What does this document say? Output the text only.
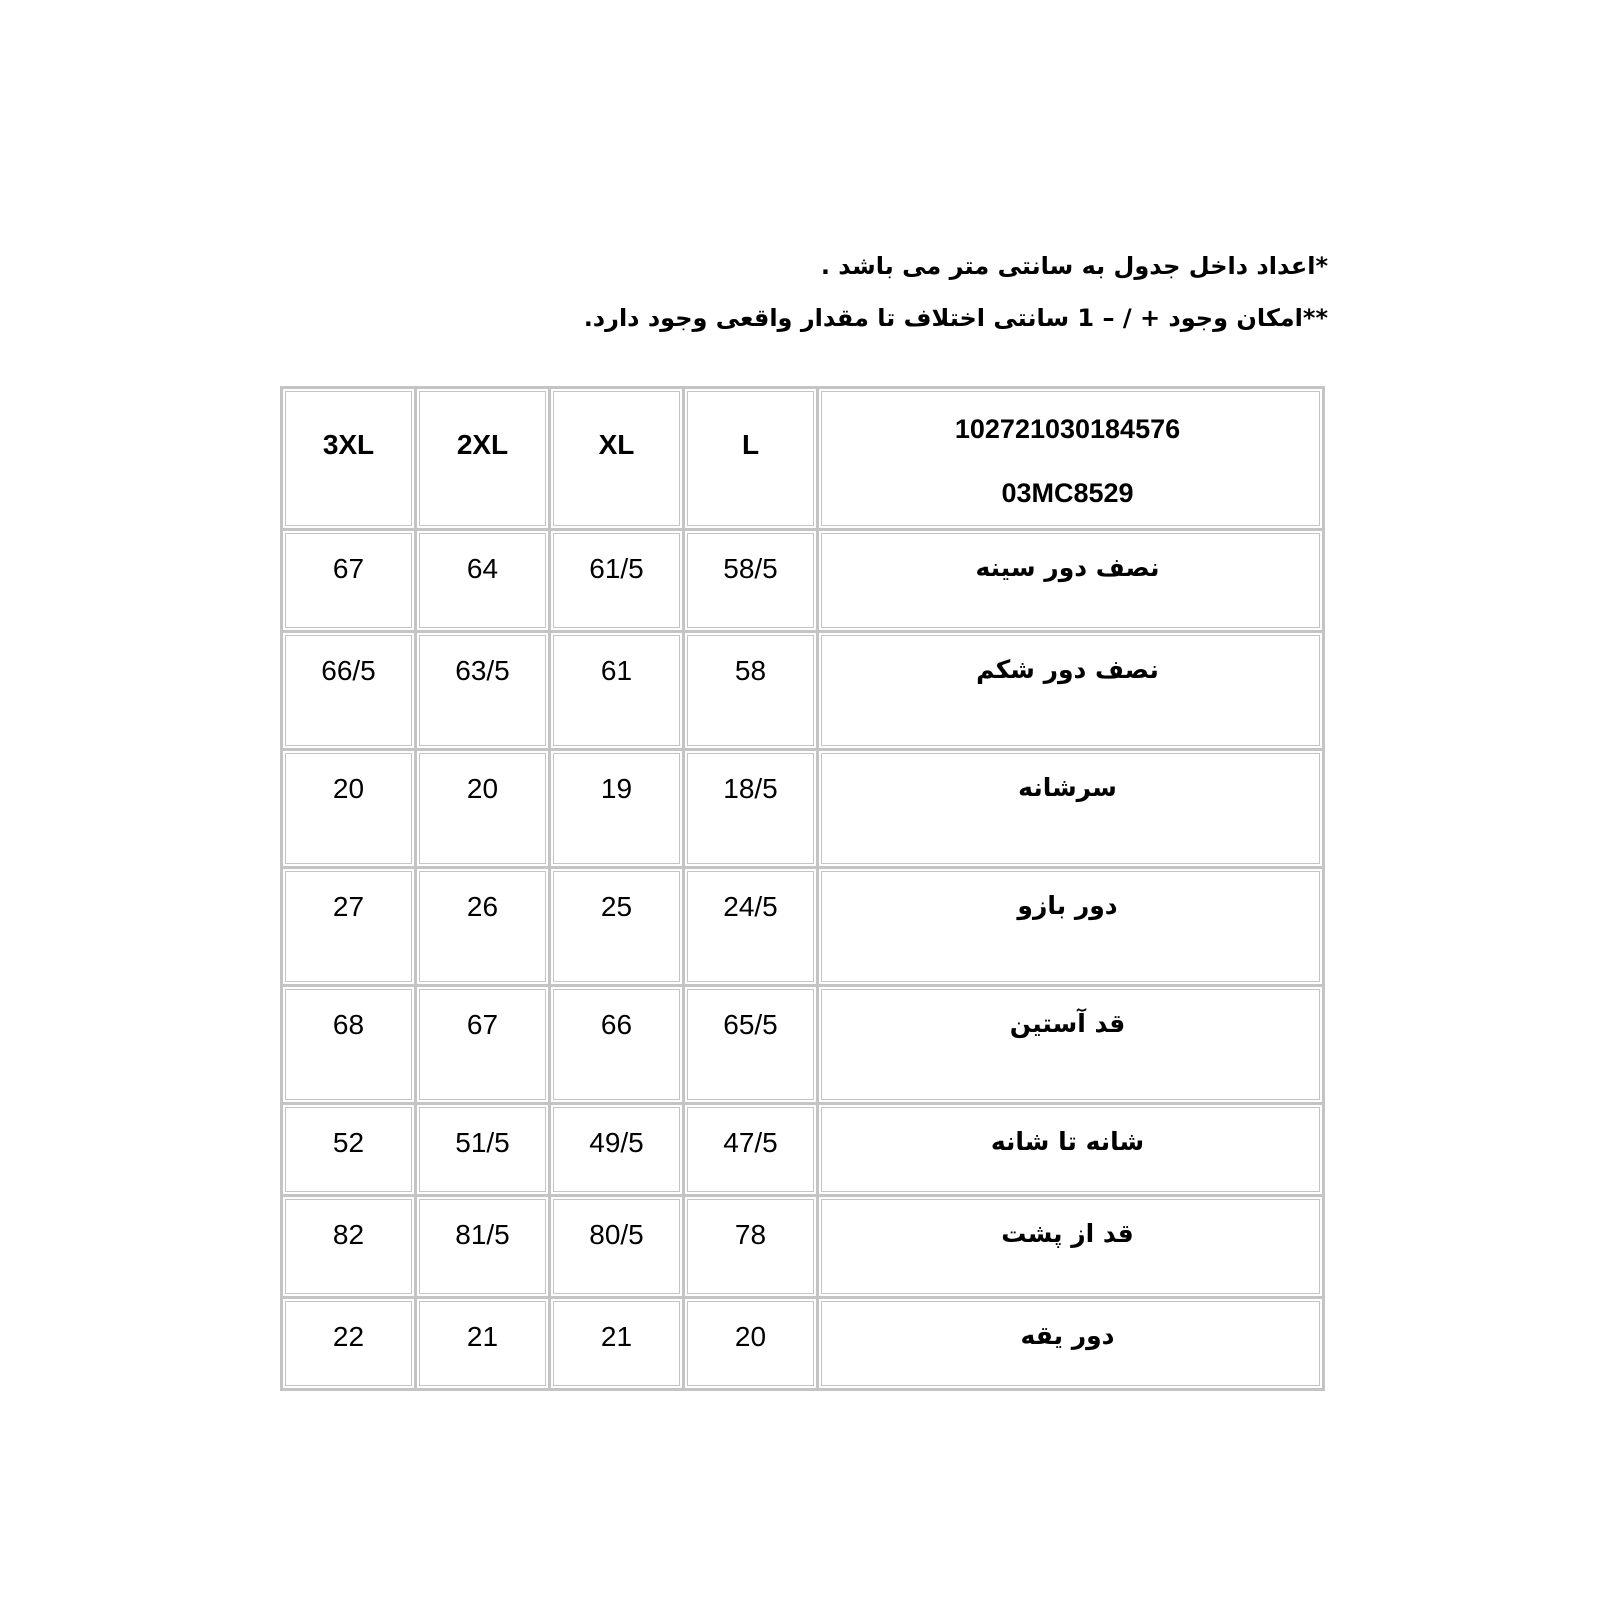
*اعداد داخل جدول به سانتی متر می باشد .
**امکان وجود + / – 1 سانتی اختلاف تا مقدار واقعی وجود دارد.
3XL	2XL	XL	L	102721030184576
03MC8529

67	64	61/5	58/5	نصف دور سینه

66/5	63/5	61	58	نصف دور شکم

20	20	19	18/5	سرشانه

27	26	25	24/5	دور بازو

68	67	66	65/5	قد آستین

52	51/5	49/5	47/5	شانه تا شانه

82	81/5	80/5	78	قد از پشت

22	21	21	20	دور یقه
